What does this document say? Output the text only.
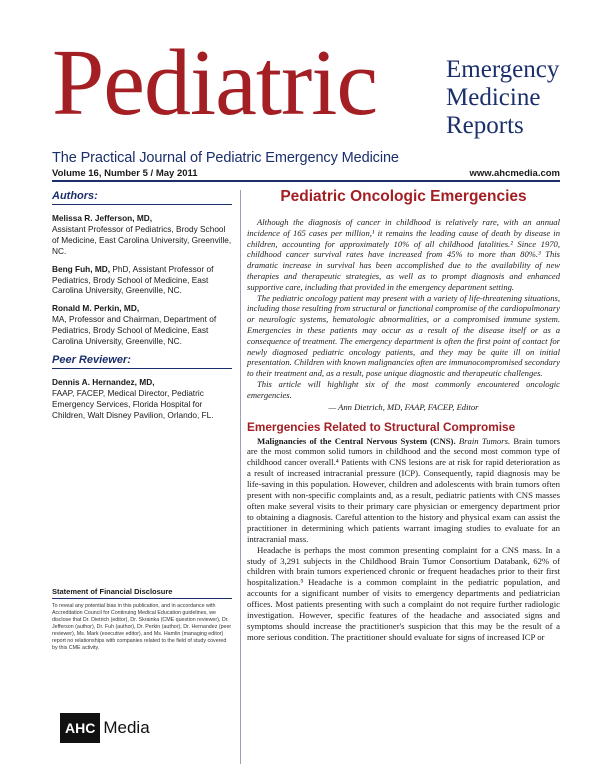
Pediatric	Emergency
Medicine
Reports
The Practical Journal of Pediatric Emergency Medicine
Volume 16, Number 5 / May 2011	www.ahcmedia.com
Authors:
Melissa R. Jefferson, MD,
Assistant Professor of Pediatrics, Brody School of Medicine, East Carolina University, Greenville, NC.
Beng Fuh, MD, PhD, Assistant Professor of Pediatrics, Brody School of Medicine, East Carolina University, Greenville, NC.
Ronald M. Perkin, MD,
MA, Professor and Chairman, Department of Pediatrics, Brody School of Medicine, East Carolina University, Greenville, NC.
Peer Reviewer:
Dennis A. Hernandez, MD,
FAAP, FACEP, Medical Director, Pediatric Emergency Services, Florida Hospital for Children, Walt Disney Pavilion, Orlando, FL.
Statement of Financial Disclosure
To reveal any potential bias in this publication, and in accordance with Accreditation Council for Continuing Medical Education guidelines, we disclose that Dr. Dietrich (editor), Dr. Skrainka (CME question reviewer), Dr. Jefferson (author), Dr. Fuh (author), Dr. Perkin (author), Dr. Hernandez (peer reviewer), Ms. Mark (executive editor), and Ms. Hamlin (managing editor) report no relationships with companies related to the field of study covered by this CME activity.
AHC Media
Pediatric Oncologic Emergencies

Although the diagnosis of cancer in childhood is relatively rare, with an annual incidence of 165 cases per million,¹ it remains the leading cause of death by disease in children, accounting for approximately 10% of all childhood fatalities.² Since 1970, childhood cancer survival rates have increased from 45% to more than 80%.³ This dramatic increase in survival has been accomplished due to the availability of new therapies and therapeutic strategies, as well as to prompt diagnosis and enhanced supportive care, including that provided in the emergency department setting.

The pediatric oncology patient may present with a variety of life-threatening situations, including those resulting from structural or functional compromise of the cardiopulmonary or neurologic systems, hematologic abnormalities, or a compromised immune system. Emergencies in these patients may occur as a result of the disease itself or as a consequence of treatment. The emergency department is often the first point of contact for newly diagnosed pediatric oncology patients, and they may be quite ill on initial presentation. Children with known malignancies often are immunocompromised secondary to their treatment and, as a result, pose unique diagnostic and therapeutic challenges.

This article will highlight six of the most commonly encountered oncologic emergencies.

— Ann Dietrich, MD, FAAP, FACEP, Editor
Emergencies Related to Structural Compromise

Malignancies of the Central Nervous System (CNS). Brain Tumors. Brain tumors are the most common solid tumors in childhood and the second most common type of childhood cancer overall.⁴ Patients with CNS lesions are at risk for rapid deterioration as a result of increased intracranial pressure (ICP). Consequently, rapid diagnosis may be life-saving in this population. However, children and adolescents with brain tumors often present with non-specific complaints and, as a result, pediatric patients with CNS masses often make several visits to their primary care physician or emergency department prior to obtaining a diagnosis. Careful attention to the history and physical exam can assist the practitioner in determining which patients warrant imaging studies to evaluate for an intracranial mass.

Headache is perhaps the most common presenting complaint for a CNS mass. In a study of 3,291 subjects in the Childhood Brain Tumor Consortium Databank, 62% of children with brain tumors experienced chronic or frequent headaches prior to their first hospitalization.⁵ Headache is a common complaint in the pediatric population, and accounts for a significant number of visits to emergency departments and pediatrician offices. Most patients presenting with such a complaint do not require further radiologic investigation. However, specific features of the headache and associated signs and symptoms should increase the practitioner's suspicion that this may be the result of a more serious condition. The practitioner should evaluate for signs of increased ICP or
